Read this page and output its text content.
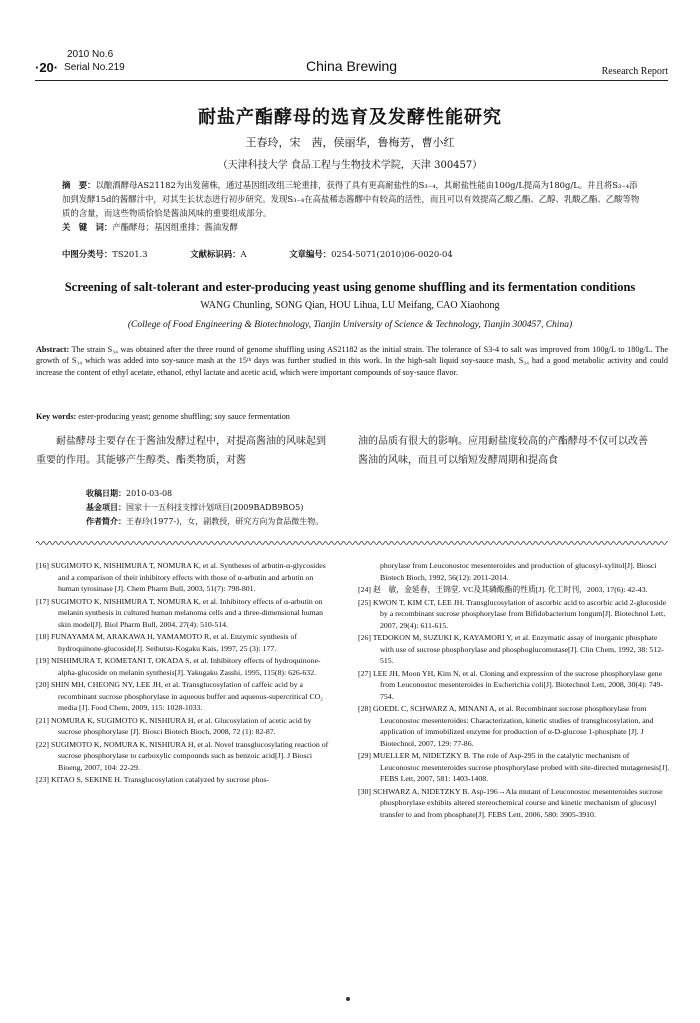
2010 No.6
·20· Serial No.219	China Brewing	Research Report
耐盐产酯酵母的选育及发酵性能研究
王春玲，宋　茜，侯丽华，鲁梅芳，曹小红
（天津科技大学 食品工程与生物技术学院，天津 300457）
摘　要：以酿酒酵母AS21182为出发菌株，通过基因组改组三轮重排，获得了具有更高耐盐性的S₃₋₄，其耐盐性能由100g/L提高为180g/L。并且将S₃₋₄添加到发酵15d的酱醪汁中，对其生长状态进行初步研究。发现S₃₋₄在高盐稀态酱醪中有较高的活性，而且可以有效提高乙酸乙酯、乙醇、乳酸乙酯、乙酸等物质的含量，而这些物质恰恰是酱油风味的重要组成部分。
关　键　词：产酯酵母；基因组重排；酱油发酵
中图分类号：TS201.3	文献标识码：A	文章编号：0254-5071(2010)06-0020-04
Screening of salt-tolerant and ester-producing yeast using genome shuffling and its fermentation conditions
WANG Chunling, SONG Qian, HOU Lihua, LU Meifang, CAO Xiaohong
(College of Food Engineering & Biotechnology, Tianjin University of Science & Technology, Tianjin 300457, China)
Abstract: The strain S₃₄ was obtained after the three round of genome shuffling using AS21182 as the initial strain. The tolerance of S3-4 to salt was improved from 100g/L to 180g/L. The growth of S₃₄ which was added into soy-sauce mash at the 15ᵗʰ days was further studied in this work. In the high-salt liquid soy-sauce mash, S₃₄ had a good metabolic activity and could increase the content of ethyl acetate, ethanol, ethyl lactate and acetic acid, which were important compounds of soy-sauce flavor.
Key words: ester-producing yeast; genome shuffling; soy sauce fermentation
耐盐酵母主要存在于酱油发酵过程中，对提高酱油的风味起到重要的作用。其能够产生醇类、酯类物质，对酱
油的品质有很大的影响。应用耐盐度较高的产酯酵母不仅可以改善酱油的风味，而且可以缩短发酵周期和提高食
收稿日期：2010-03-08
基金项目：国家十一五科技支撑计划项目(2009BADB9BO5)
作者简介：王春玲(1977-)，女，副教授，研究方向为食品微生物。
[16] SUGIMOTO K, NISHIMURA T, NOMURA K, et al. Syntheses of arbutin-α-glycosides and a comparison of their inhibitory effects with those of α-arbutin and arbutin on human tyrosinase [J]. Chem Pharm Bull, 2003, 51(7): 798-801.
[17] SUGIMOTO K, NISHIMURA T, NOMURA K, et al. Inhibitory effects of α-arbutin on melanin synthesis in cultured human melanoma cells and a three-dimensional human skin model[J]. Biol Pharm Bull, 2004, 27(4): 510-514.
[18] FUNAYAMA M, ARAKAWA H, YAMAMOTO R, et al. Enzymic synthesis of hydroquinone-glucoside[J]. Seibutsu-Kogaku Kais, 1997, 25 (3): 177.
[19] NISHIMURA T, KOMETANI T, OKADA S, et al. Inhibitory effects of hydroquinone-alpha-glucoside on melanin synthesis[J]. Yakugaku Zasshi, 1995, 115(8): 626-632.
[20] SHIN MH, CHEONG NY, LEE JH, et al. Transglucosylation of caffeic acid by a recombinant sucrose phosphorylase in aqueous buffer and aqueous-supercritical CO₂ media [J]. Food Chem, 2009, 115: 1028-1033.
[21] NOMURA K, SUGIMOTO K, NISHIURA H, et al. Glucosylation of acetic acid by sucrose phosphorylase [J]. Biosci Biotech Bioch, 2008, 72 (1): 82-87.
[22] SUGIMOTO K, NOMURA K, NISHIURA H, et al. Novel transglucosylating reaction of sucrose phosphorylase to carboxylic compounds such as benzoic acid[J]. J Biosci Bioeng, 2007, 104: 22-29.
[23] KITAO S, SEKINE H. Transglucosylation catalyzed by sucrose phos-
phorylase from Leuconostoc mesenteroides and production of glucosyl-xylitol[J]. Biosci Biotech Bioch, 1992, 56(12): 2011-2014.
[24] 赵　敏，金延春，王锦堂. VC及其磷酸酯的性质[J]. 化工时刊，2003, 17(6): 42-43.
[25] KWON T, KIM CT, LEE JH. Transglucosylation of ascorbic acid to ascorbic acid 2-glucoside by a recombinant sucrose phosphorylase from Bifidobacterium longum[J]. Biotechnol Lett, 2007, 29(4): 611-615.
[26] TEDOKON M, SUZUKI K, KAYAMORI Y, et al. Enzymatic assay of inorganic phosphate with use of sucrose phosphorylase and phosphoglucomutase[J]. Clin Chem, 1992, 38: 512-515.
[27] LEE JH, Moon YH, Kim N, et al. Cloning and expression of the sucrose phosphorylase gene from Leuconostoc mesenteroides in Escherichia coli[J]. Biotechnol Lett, 2008, 30(4): 749-754.
[28] GOEDL C, SCHWARZ A, MINANI A, et al. Recombinant sucrose phosphorylase from Leuconostoc mesenteroides: Characterization, kinetic studies of transglucosylation, and application of immobilized enzyme for production of α-D-glucose 1-phosphate [J]. J Biotechnol, 2007, 129: 77-86.
[29] MUELLER M, NIDETZKY B. The role of Asp-295 in the catalytic mechanism of Leuconostoc mesenteroides sucrose phosphorylase probed with site-directed mutagenesis[J]. FEBS Lett, 2007, 581: 1403-1408.
[30] SCHWARZ A, NIDETZKY B. Asp-196→Ala mutant of Leuconostoc mesenteroides sucrose phosphorylase exhibits altered stereochemical course and kinetic mechanism of glucosyl transfer to and from phosphate[J]. FEBS Lett, 2006, 580: 3905-3910.
